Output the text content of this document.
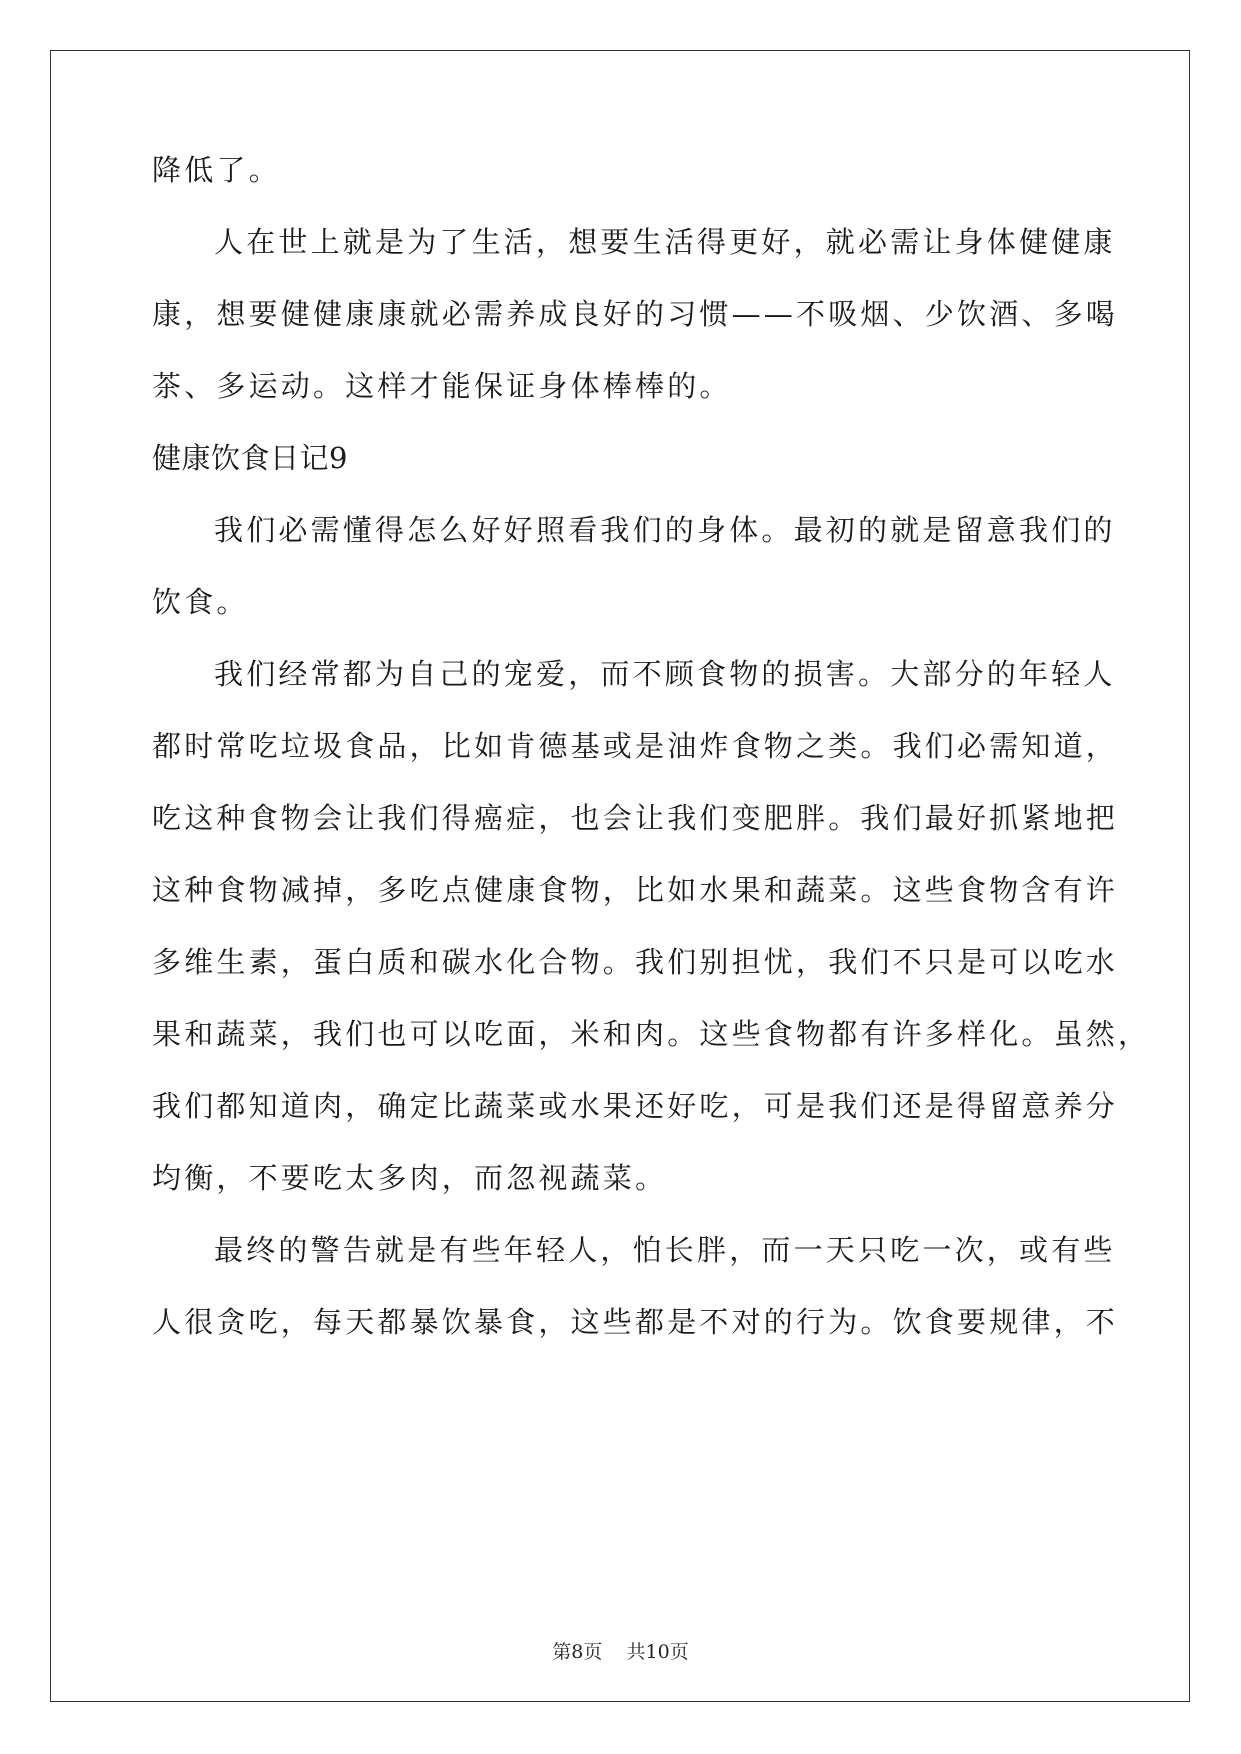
降低了。
人在世上就是为了生活，想要生活得更好，就必需让身体健健康
康，想要健健康康就必需养成良好的习惯——不吸烟、少饮酒、多喝
茶、多运动。这样才能保证身体棒棒的。
健康饮食日记9
我们必需懂得怎么好好照看我们的身体。最初的就是留意我们的
饮食。
我们经常都为自己的宠爱，而不顾食物的损害。大部分的年轻人
都时常吃垃圾食品，比如肯德基或是油炸食物之类。我们必需知道，
吃这种食物会让我们得癌症，也会让我们变肥胖。我们最好抓紧地把
这种食物减掉，多吃点健康食物，比如水果和蔬菜。这些食物含有许
多维生素，蛋白质和碳水化合物。我们别担忧，我们不只是可以吃水
果和蔬菜，我们也可以吃面，米和肉。这些食物都有许多样化。虽然，
我们都知道肉，确定比蔬菜或水果还好吃，可是我们还是得留意养分
均衡，不要吃太多肉，而忽视蔬菜。
最终的警告就是有些年轻人，怕长胖，而一天只吃一次，或有些
人很贪吃，每天都暴饮暴食，这些都是不对的行为。饮食要规律，不
第8页 共10页
